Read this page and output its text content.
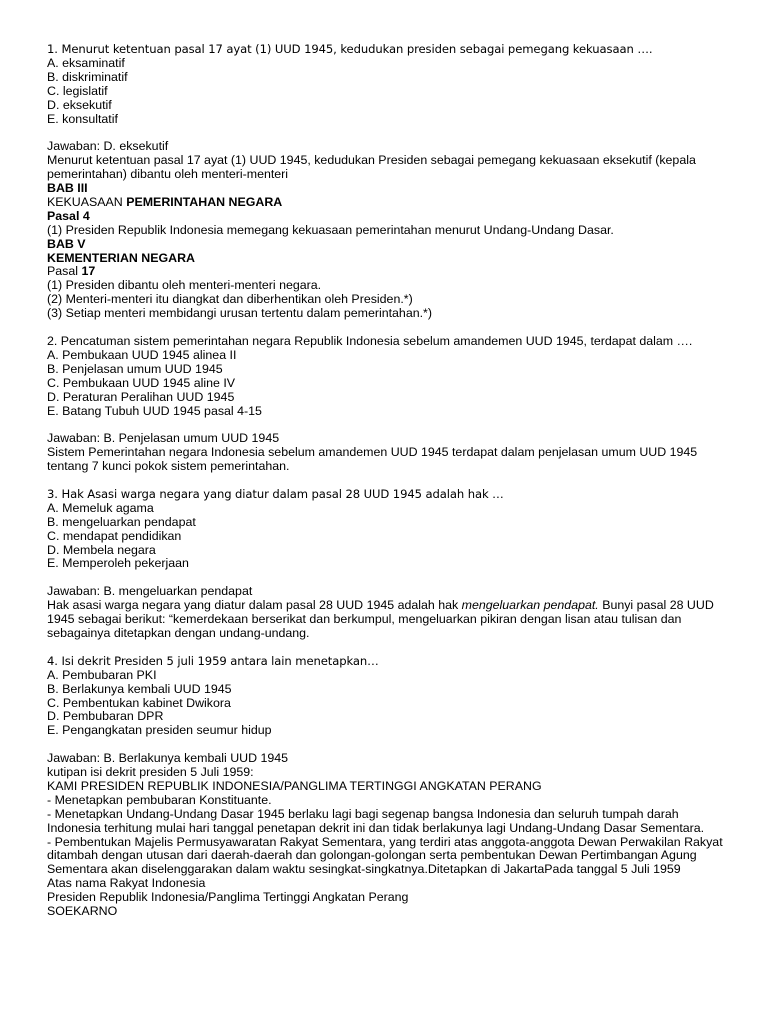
1. Menurut ketentuan pasal 17 ayat (1) UUD 1945, kedudukan presiden sebagai pemegang kekuasaan ….
A. eksaminatif
B. diskriminatif
C. legislatif
D. eksekutif
E. konsultatif
Jawaban: D. eksekutif
Menurut ketentuan pasal 17 ayat (1) UUD 1945, kedudukan Presiden sebagai pemegang kekuasaan eksekutif (kepala pemerintahan) dibantu oleh menteri-menteri
BAB III
KEKUASAAN PEMERINTAHAN NEGARA
Pasal 4
(1) Presiden Republik Indonesia memegang kekuasaan pemerintahan menurut Undang-Undang Dasar.
BAB V
KEMENTERIAN NEGARA
Pasal 17
(1) Presiden dibantu oleh menteri-menteri negara.
(2) Menteri-menteri itu diangkat dan diberhentikan oleh Presiden.*)
(3) Setiap menteri membidangi urusan tertentu dalam pemerintahan.*)
2. Pencatuman sistem pemerintahan negara Republik Indonesia sebelum amandemen UUD 1945, terdapat dalam ….
A. Pembukaan UUD 1945 alinea II
B. Penjelasan umum UUD 1945
C. Pembukaan UUD 1945 aline IV
D. Peraturan Peralihan UUD 1945
E. Batang Tubuh UUD 1945 pasal 4-15
Jawaban: B. Penjelasan umum UUD 1945
Sistem Pemerintahan negara Indonesia sebelum amandemen UUD 1945 terdapat dalam penjelasan umum UUD 1945 tentang 7 kunci pokok sistem pemerintahan.
3. Hak Asasi warga negara yang diatur dalam pasal 28 UUD 1945 adalah hak …
A. Memeluk agama
B. mengeluarkan pendapat
C. mendapat pendidikan
D. Membela negara
E. Memperoleh pekerjaan
Jawaban: B. mengeluarkan pendapat
Hak asasi warga negara yang diatur dalam pasal 28 UUD 1945 adalah hak mengeluarkan pendapat. Bunyi pasal 28 UUD 1945 sebagai berikut: “kemerdekaan berserikat dan berkumpul, mengeluarkan pikiran dengan lisan atau tulisan dan sebagainya ditetapkan dengan undang-undang.
4. Isi dekrit Presiden 5 juli 1959 antara lain menetapkan…
A. Pembubaran PKI
B. Berlakunya kembali UUD 1945
C. Pembentukan kabinet Dwikora
D. Pembubaran DPR
E. Pengangkatan presiden seumur hidup
Jawaban: B. Berlakunya kembali UUD 1945
kutipan isi dekrit presiden 5 Juli 1959:
KAMI PRESIDEN REPUBLIK INDONESIA/PANGLIMA TERTINGGI ANGKATAN PERANG
- Menetapkan pembubaran Konstituante.
- Menetapkan Undang-Undang Dasar 1945 berlaku lagi bagi segenap bangsa Indonesia dan seluruh tumpah darah Indonesia terhitung mulai hari tanggal penetapan dekrit ini dan tidak berlakunya lagi Undang-Undang Dasar Sementara.
- Pembentukan Majelis Permusyawaratan Rakyat Sementara, yang terdiri atas anggota-anggota Dewan Perwakilan Rakyat ditambah dengan utusan dari daerah-daerah dan golongan-golongan serta pembentukan Dewan Pertimbangan Agung Sementara akan diselenggarakan dalam waktu sesingkat-singkatnya.Ditetapkan di JakartaPada tanggal 5 Juli 1959
Atas nama Rakyat Indonesia
Presiden Republik Indonesia/Panglima Tertinggi Angkatan Perang
SOEKARNO
